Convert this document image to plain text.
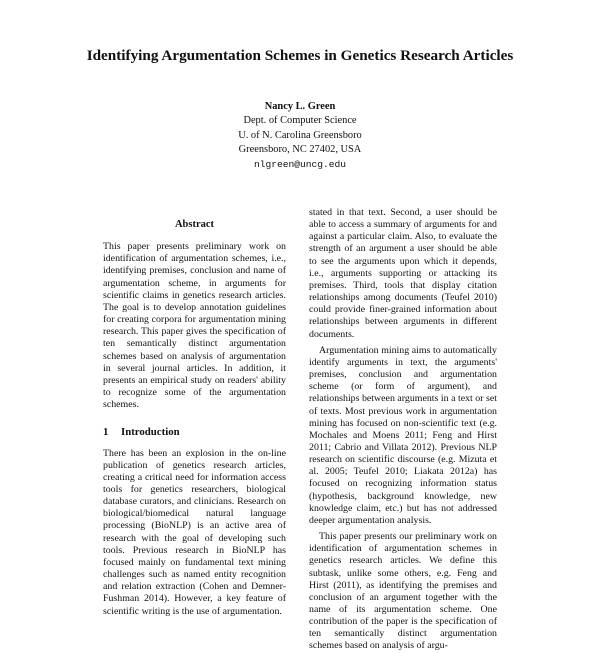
Identifying Argumentation Schemes in Genetics Research Articles
Nancy L. Green
Dept. of Computer Science
U. of N. Carolina Greensboro
Greensboro, NC 27402, USA
nlgreen@uncg.edu
Abstract

This paper presents preliminary work on identification of argumentation schemes, i.e., identifying premises, conclusion and name of argumentation scheme, in arguments for scientific claims in genetics research articles. The goal is to develop annotation guidelines for creating corpora for argumentation mining research. This paper gives the specification of ten semantically distinct argumentation schemes based on analysis of argumentation in several journal articles. In addition, it presents an empirical study on readers' ability to recognize some of the argumentation schemes.

1 Introduction

There has been an explosion in the on-line publication of genetics research articles, creating a critical need for information access tools for genetics researchers, biological database curators, and clinicians. Research on biological/biomedical natural language processing (BioNLP) is an active area of research with the goal of developing such tools. Previous research in BioNLP has focused mainly on fundamental text mining challenges such as named entity recognition and relation extraction (Cohen and Demner-Fushman 2014). However, a key feature of scientific writing is the use of argumentation.

stated in that text. Second, a user should be able to access a summary of arguments for and against a particular claim. Also, to evaluate the strength of an argument a user should be able to see the arguments upon which it depends, i.e., arguments supporting or attacking its premises. Third, tools that display citation relationships among documents (Teufel 2010) could provide finer-grained information about relationships between arguments in different documents.

Argumentation mining aims to automatically identify arguments in text, the arguments' premises, conclusion and argumentation scheme (or form of argument), and relationships between arguments in a text or set of texts. Most previous work in argumentation mining has focused on non-scientific text (e.g. Mochales and Moens 2011; Feng and Hirst 2011; Cabrio and Villata 2012). Previous NLP research on scientific discourse (e.g. Mizuta et al. 2005; Teufel 2010; Liakata 2012a) has focused on recognizing information status (hypothesis, background knowledge, new knowledge claim, etc.) but has not addressed deeper argumentation analysis.

This paper presents our preliminary work on identification of argumentation schemes in genetics research articles. We define this subtask, unlike some others, e.g. Feng and Hirst (2011), as identifying the premises and conclusion of an argument together with the name of its argumentation scheme. One contribution of the paper is the specification of ten semantically distinct argumentation schemes based on analysis of argu-
